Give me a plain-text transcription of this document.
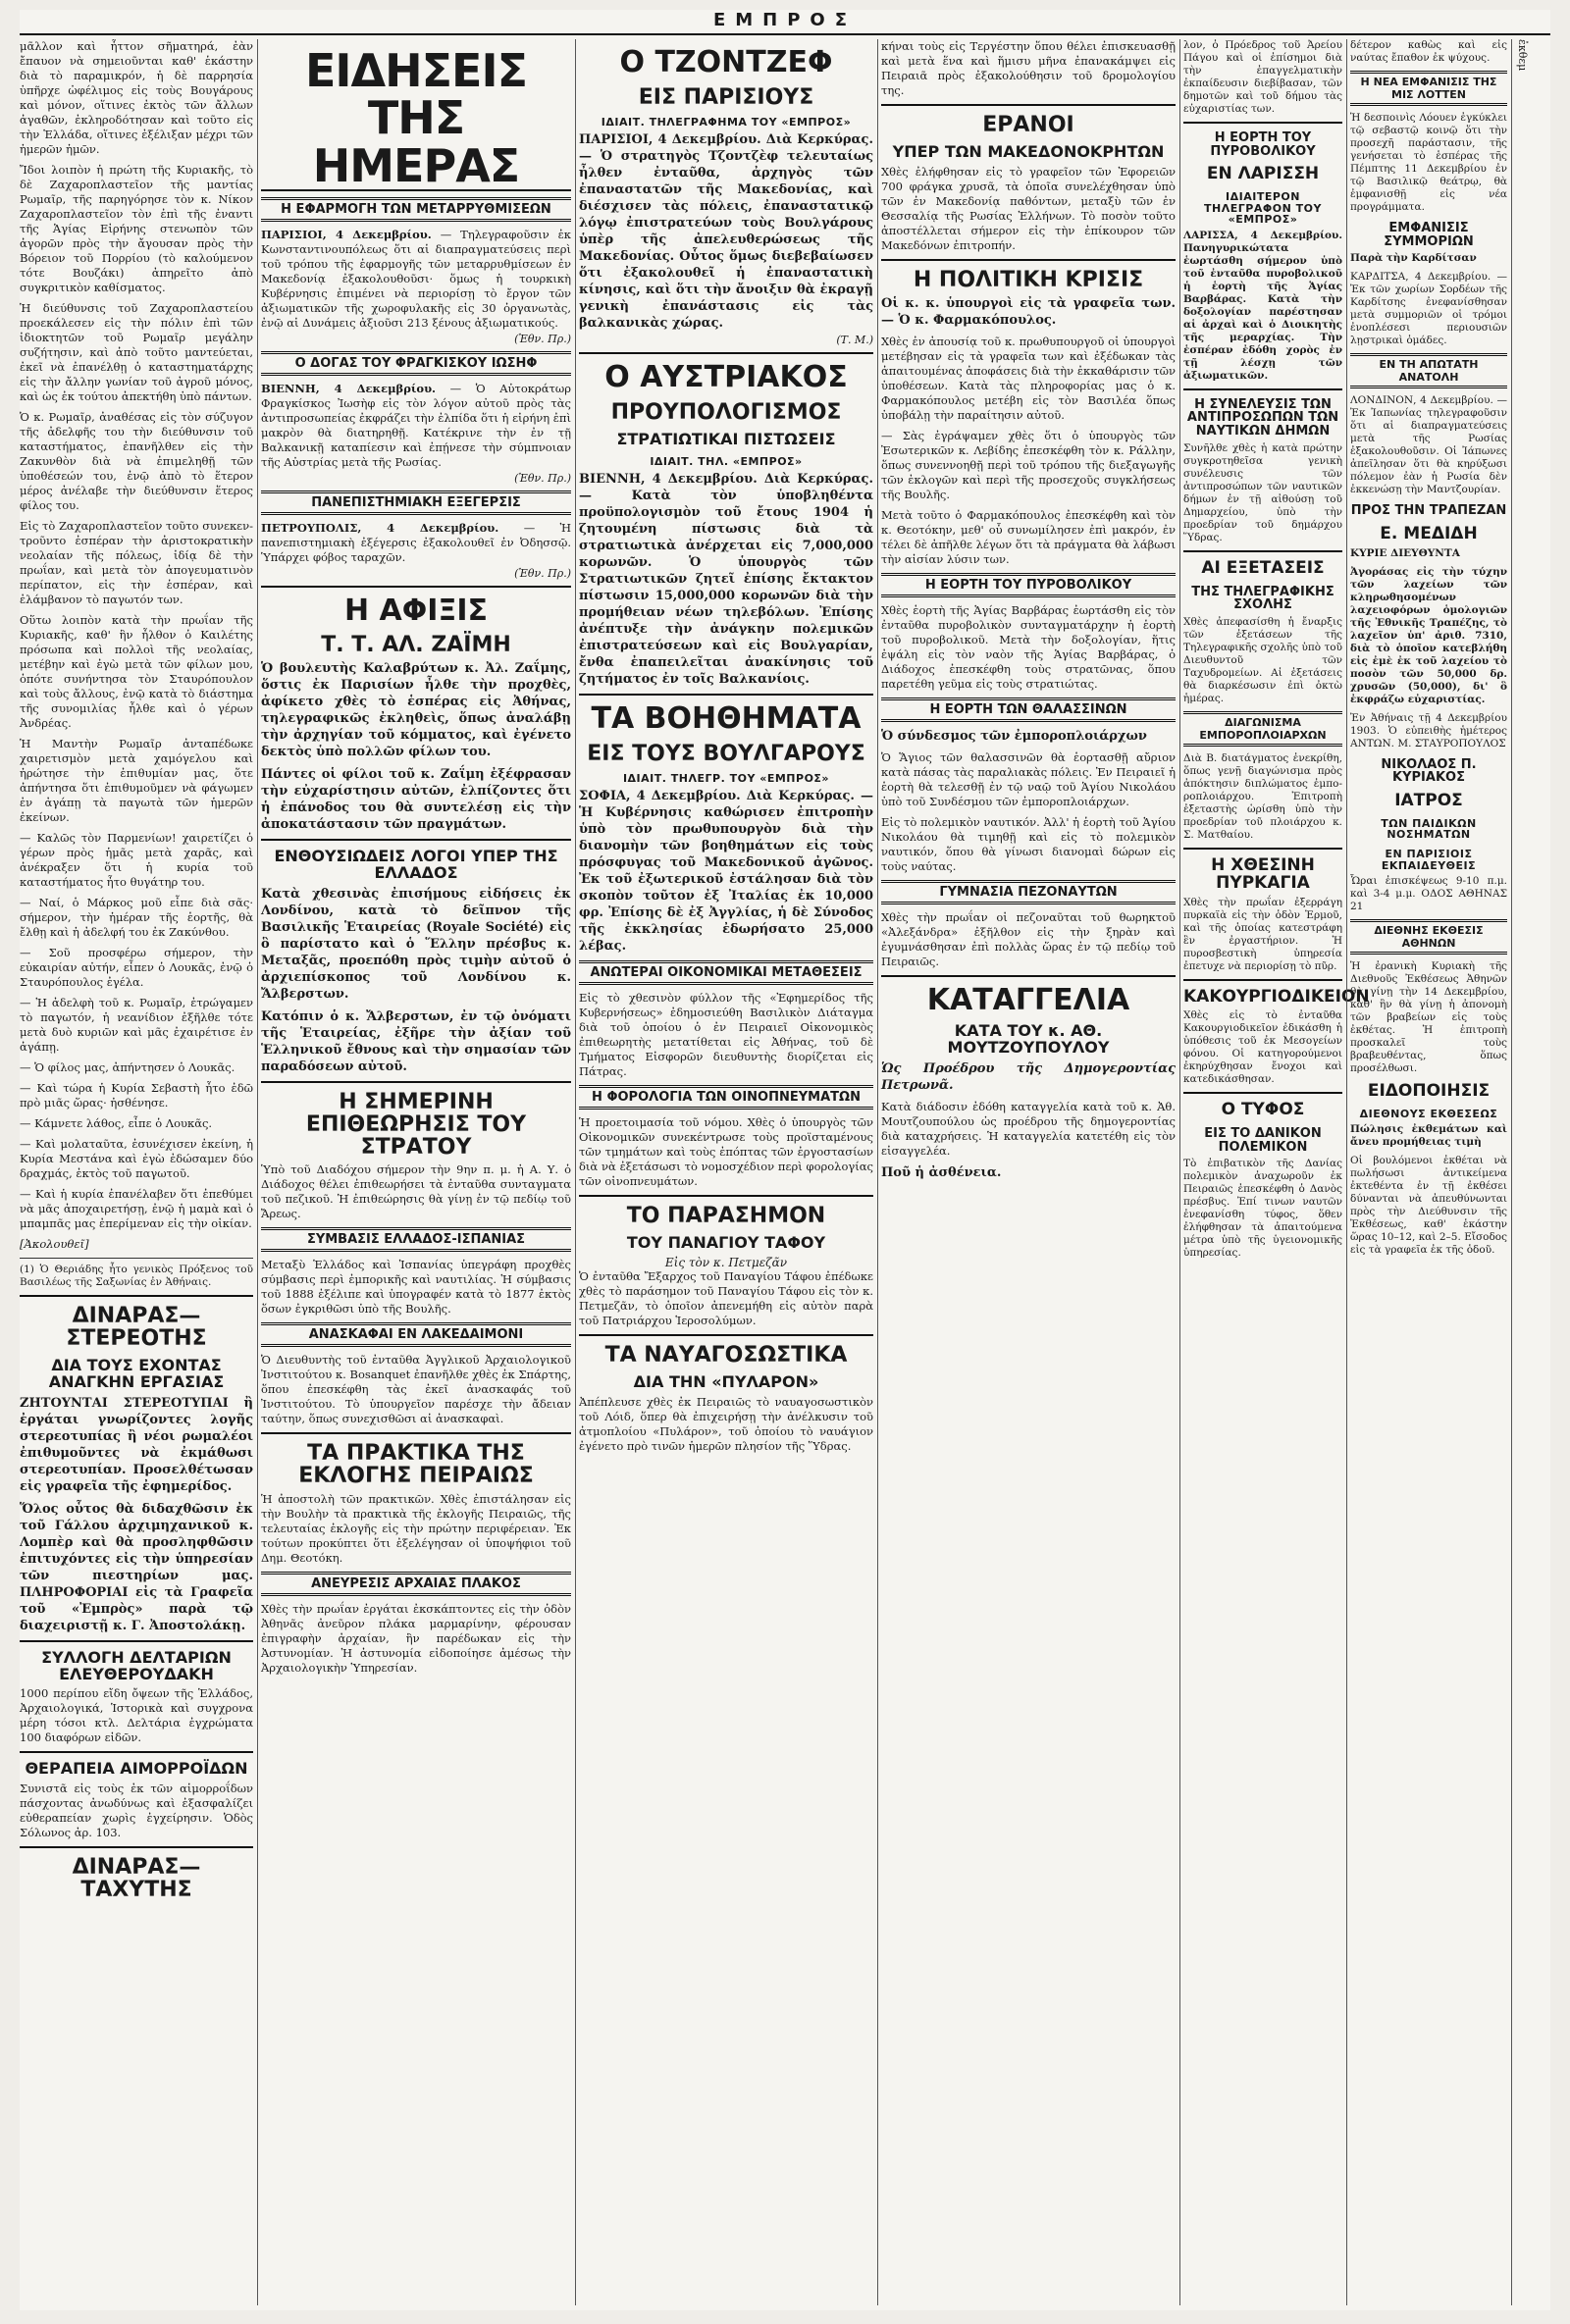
ΕΜΠΡΟΣ

μᾶλλον καὶ ἧττον σῆματηρά, ἐὰν ἔπαυον νὰ σημειοῦνται καθ' ἑκάστην διὰ τὸ παραμικρόν, ἡ δὲ παρρησία ὑπῆρχε ὠφέλιμος εἰς τοὺς Βουγάρους καὶ μόνον, οἵτινες ἐκτὸς τῶν ἄλλων ἀγαθῶν, ἐκληροδότησαν καὶ τοῦτο εἰς τὴν Ἑλλάδα, οἵτινες ἐξέλιξαν μέχρι τῶν ἡμερῶν ἡμῶν.

Ἴδοι λοιπὸν ἡ πρώτη τῆς Κυριακῆς, τὸ δὲ Ζαχαροπλαστεῖον τῆς μαντίας Ρωμαῖρ, τῆς παρηγόρησε τὸν κ. Νίκον Ζαχαροπλαστεῖον τὸν ἐπὶ τῆς ἐναντι τῆς Ἁγίας Εἰρήνης στενωπὸν τῶν ἀγορῶν πρὸς τὴν ἄγουσαν πρὸς τὴν Βόρειον τοῦ Πορρίου (τὸ καλούμενον τότε Βουζάκι) ἀπηρεῖτο ἀπὸ συγκριτικὸν καθίσματος.

Ἡ διεύθυνσις τοῦ Ζαχαροπλαστείου προεκάλεσεν εἰς τὴν πόλιν ἐπὶ τῶν ἰδιοκτητῶν τοῦ Ρωμαῖρ μεγάλην συζήτησιν, καὶ ἀπὸ τοῦτο μαντεύεται, ἐκεῖ νὰ ἐπανέλθῃ ὁ καταστηματάρχης εἰς τὴν ἄλλην γωνίαν τοῦ ἀγροῦ μόνος, καὶ ὡς ἐκ τούτου ἀπεκτήθη ὑπὸ πάντων.

Ὁ κ. Ρωμαῖρ, ἀναθέσας εἰς τὸν σύζυγον τῆς ἀδελφῆς του τὴν διεύθυνσιν τοῦ καταστήματος, ἐπανῆλθεν εἰς τὴν Ζακυνθὸν διὰ νὰ ἐπιμεληθῇ τῶν ὑποθέσεών του, ἐνῷ ἀπὸ τὸ ἕτερον μέρος ἀνέλαβε τὴν διεύθυνσιν ἕτερος φίλος του.

Εἰς τὸ Ζαχαροπλαστεῖον τοῦτο συνεκεντροῦντο ἐσπέραν τὴν ἀριστοκρατικὴν νεολαίαν τῆς πόλεως, ἰδίᾳ δὲ τὴν πρωΐαν, καὶ μετὰ τὸν ἀπογευματινὸν περίπατον, εἰς τὴν ἑσπέραν, καὶ ἐλάμβανον τὸ παγωτόν των.

Οὕτω λοιπὸν κατὰ τὴν πρωΐαν τῆς Κυριακῆς, καθ' ἣν ἦλθον ὁ Καιλέτης πρόσωπα καὶ πολλοὶ τῆς νεολαίας, μετέβην καὶ ἐγὼ μετὰ τῶν φίλων μου, ὁπότε συνήντησα τὸν Σταυρόπουλον καὶ τοὺς ἄλλους, ἐνῷ κατὰ τὸ διάστημα τῆς συνομιλίας ἦλθε καὶ ὁ γέρων Ἀνδρέας.

Ἡ Μαντὴν Ρωμαῖρ ἀνταπέδωκε χαιρετισμὸν μετὰ χαμόγελου καὶ ἠρώτησε τὴν ἐπιθυμίαν μας, ὅτε ἀπήντησα ὅτι ἐπιθυμοῦμεν νὰ φάγωμεν ἐν ἀγάπῃ τὰ παγωτὰ τῶν ἡμερῶν ἐκείνων.

— Καλῶς τὸν Παρμενίων! χαιρετίζει ὁ γέρων πρὸς ἡμᾶς μετὰ χαρᾶς, καὶ ἀνέκραξεν ὅτι ἡ κυρία τοῦ καταστήματος ἦτο θυγάτηρ του.

— Ναί, ὁ Μάρκος μοῦ εἶπε διὰ σᾶς· σήμερον, τὴν ἡμέραν τῆς ἑορτῆς, θὰ ἔλθῃ καὶ ἡ ἀδελφή του ἐκ Ζακύνθου.

— Σοῦ προσφέρω σήμερον, τὴν εὐκαιρίαν αὐτήν, εἶπεν ὁ Λουκᾶς, ἐνῷ ὁ Σταυρόπουλος ἐγέλα.

— Ἡ ἀδελφὴ τοῦ κ. Ρωμαῖρ, ἐτρώγαμεν τὸ παγωτόν, ἡ νεανίδιον ἐξῆλθε τότε μετὰ δυὸ κυριῶν καὶ μᾶς ἐχαιρέτισε ἐν ἀγάπῃ.

— Ὁ φίλος μας, ἀπήντησεν ὁ Λουκᾶς.

— Καὶ τώρα ἡ Κυρία Σεβαστὴ ἦτο ἐδῶ πρὸ μιᾶς ὥρας· ἠσθένησε.

— Κάμνετε λάθος, εἶπε ὁ Λουκᾶς.

— Καὶ μολαταῦτα, ἐσυνέχισεν ἐκείνη, ἡ Κυρία Μεστάνα καὶ ἐγὼ ἐδώσαμεν δύο δραχμάς, ἐκτὸς τοῦ παγωτοῦ.

— Καὶ ἡ κυρία ἐπανέλαβεν ὅτι ἐπεθύμει νὰ μᾶς ἀποχαιρετήσῃ, ἐνῷ ἡ μαμὰ καὶ ὁ μπαμπᾶς μας ἐπερίμεναν εἰς τὴν οἰκίαν.

[Ἀκολουθεῖ]

(1) Ὁ Θεριάδης ἦτο γενικὸς Πρόξενος τοῦ Βασιλέως τῆς Σαξωνίας ἐν Ἀθήναις.

ΔΙΝΑΡΑΣ—ΣΤΕΡΕΟΤΗΣ
ΔΙΑ ΤΟΥΣ ΕΧΟΝΤΑΣ ΑΝΑΓΚΗΝ ΕΡΓΑΣΙΑΣ

ΖΗΤΟΥΝΤΑΙ ΣΤΕΡΕΟΤΥΠΑΙ ἢ ἐργάται γνωρίζοντες λογῆς στερεοτυπίας ἢ νέοι ρωμαλέοι ἐπιθυμοῦντες νὰ ἐκμάθωσι στερεοτυπίαν. Προσελθέτωσαν εἰς γραφεῖα τῆς ἐφημερίδος.

Ὅλος οὗτος θὰ διδαχθῶσιν ἐκ τοῦ Γάλλου ἀρχιμηχανικοῦ κ. Λομπὲρ καὶ θὰ προσληφθῶσιν ἐπιτυχόντες εἰς τὴν ὑπηρεσίαν τῶν πιεστηρίων μας. ΠΛΗΡΟΦΟΡΙΑΙ εἰς τὰ Γραφεῖα τοῦ «Ἐμπρὸς» παρὰ τῷ διαχειριστῇ κ. Γ. Ἀποστολάκῃ.

ΣΥΛΛΟΓΗ ΔΕΛΤΑΡΙΩΝ ΕΛΕΥΘΕΡΟΥΔΑΚΗ

1000 περίπου εἴδη ὄψεων τῆς Ἑλλάδος, Ἀρχαιολογικά, Ἱστορικὰ καὶ συγχρονα μέρη τόσοι κτλ. Δελτάρια ἐγχρώματα 100 διαφόρων εἰδῶν.

ΘΕΡΑΠΕΙΑ ΑΙΜΟΡΡΟΪΔΩΝ

Συνιστᾶ εἰς τοὺς ἐκ τῶν αἱμορροΐδων πάσχοντας ἀνωδύνως καὶ ἐξασφαλίζει εὐθεραπείαν χωρὶς ἐγχείρησιν. Ὁδὸς Σόλωνος ἀρ. 103.

ΔΙΝΑΡΑΣ—ΤΑΧΥΤΗΣ
ΕΙΔΗΣΕΙΣ ΤΗΣ ΗΜΕΡΑΣ
Η ΕΦΑΡΜΟΓΗ ΤΩΝ ΜΕΤΑΡΡΥΘΜΙΣΕΩΝ

ΠΑΡΙΣΙΟΙ, 4 Δεκεμβρίου. — Τηλεγραφοῦσιν ἐκ Κωνσταντινουπόλεως ὅτι αἱ διαπραγματεύσεις περὶ τοῦ τρόπου τῆς ἐφαρμογῆς τῶν μεταρρυθμίσεων ἐν Μακεδονίᾳ ἐξακολουθοῦσι· ὅμως ἡ τουρκικὴ Κυβέρνησις ἐπιμένει νὰ περιορίσῃ τὸ ἔργον τῶν ἀξιωματικῶν τῆς χωροφυλακῆς εἰς 30 ὀργανωτὰς, ἐνῷ αἱ Δυνάμεις ἀξιοῦσι 213 ξένους ἀξιωματικούς.

(Ἐθν. Πρ.)
Ο ΔΟΓΑΣ ΤΟΥ ΦΡΑΓΚΙΣΚΟΥ ΙΩΣΗΦ

ΒΙΕΝΝΗ, 4 Δεκεμβρίου. — Ὁ Αὐτοκράτωρ Φραγκίσκος Ἰωσὴφ εἰς τὸν λόγον αὐτοῦ πρὸς τὰς ἀντιπροσωπείας ἐκφράζει τὴν ἐλπίδα ὅτι ἡ εἰρήνη ἐπὶ μακρὸν θὰ διατηρηθῇ. Κατέκρινε τὴν ἐν τῇ Βαλκανικῇ καταπίεσιν καὶ ἐπῄνεσε τὴν σύμπνοιαν τῆς Αὐστρίας μετὰ τῆς Ρωσίας.

(Ἐθν. Πρ.)
ΠΑΝΕΠΙΣΤΗΜΙΑΚΗ ΕΞΕΓΕΡΣΙΣ

ΠΕΤΡΟΥΠΟΛΙΣ, 4 Δεκεμβρίου. — Ἡ πανεπιστημιακὴ ἐξέγερσις ἐξακολουθεῖ ἐν Ὀδησσῷ. Ὑπάρχει φόβος ταραχῶν.

(Ἐθν. Πρ.)
Η ΑΦΙΞΙΣ
Τ. Τ. ΑΛ. ΖΑΪΜΗ

Ὁ βουλευτὴς Καλαβρύτων κ. Ἀλ. Ζαΐμης, ὅστις ἐκ Παρισίων ἦλθε τὴν προχθὲς, ἀφίκετο χθὲς τὸ ἑσπέρας εἰς Ἀθήνας, τηλεγραφικῶς ἐκληθεὶς, ὅπως ἀναλάβῃ τὴν ἀρχηγίαν τοῦ κόμματος, καὶ ἐγένετο δεκτὸς ὑπὸ πολλῶν φίλων του.

Πάντες οἱ φίλοι τοῦ κ. Ζαΐμη ἐξέφρασαν τὴν εὐχαρίστησιν αὐτῶν, ἐλπίζοντες ὅτι ἡ ἐπάνοδος του θὰ συντελέσῃ εἰς τὴν ἀποκατάστασιν τῶν πραγμάτων.

ΕΝΘΟΥΣΙΩΔΕΙΣ ΛΟΓΟΙ ΥΠΕΡ ΤΗΣ ΕΛΛΑΔΟΣ

Κατὰ χθεσινὰς ἐπισήμους εἰδήσεις ἐκ Λονδίνου, κατὰ τὸ δεῖπνον τῆς Βασιλικῆς Ἑταιρείας (Royale Société) εἰς ὃ παρίστατο καὶ ὁ Ἕλλην πρέσβυς κ. Μεταξᾶς, προεπόθη πρὸς τιμὴν αὐτοῦ ὁ ἀρχιεπίσκοπος τοῦ Λονδίνου κ. Ἄλβερστων.

Κατόπιν ὁ κ. Ἄλβερστων, ἐν τῷ ὀνόματι τῆς Ἑταιρείας, ἐξῆρε τὴν ἀξίαν τοῦ Ἑλληνικοῦ ἔθνους καὶ τὴν σημασίαν τῶν παραδόσεων αὐτοῦ.

Η ΣΗΜΕΡΙΝΗ ΕΠΙΘΕΩΡΗΣΙΣ ΤΟΥ ΣΤΡΑΤΟΥ

Ὑπὸ τοῦ Διαδόχου σήμερον τὴν 9ην π. μ. ἡ Α. Υ. ὁ Διάδοχος θέλει ἐπιθεωρήσει τὰ ἐνταῦθα συνταγματα τοῦ πεζικοῦ. Ἡ ἐπιθεώρησις θὰ γίνῃ ἐν τῷ πεδίῳ τοῦ Ἄρεως.

ΣΥΜΒΑΣΙΣ ΕΛΛΑΔΟΣ-ΙΣΠΑΝΙΑΣ

Μεταξὺ Ἑλλάδος καὶ Ἱσπανίας ὑπεγράφη προχθὲς σύμβασις περὶ ἐμπορικῆς καὶ ναυτιλίας. Ἡ σύμβασις τοῦ 1888 ἐξέλιπε καὶ ὑπογραφέν κατὰ τὸ 1877 ἐκτὸς ὅσων ἐγκριθῶσι ὑπὸ τῆς Βουλῆς.

ΑΝΑΣΚΑΦΑΙ ΕΝ ΛΑΚΕΔΑΙΜΟΝΙ

Ὁ Διευθυντὴς τοῦ ἐνταῦθα Ἀγγλικοῦ Ἀρχαιολογικοῦ Ἰνστιτούτου κ. Bosanquet ἐπανῆλθε χθὲς ἐκ Σπάρτης, ὅπου ἐπεσκέφθη τὰς ἐκεῖ ἀνασκαφάς τοῦ Ἰνστιτούτου. Τὸ ὑπουργεῖον παρέσχε τὴν ἄδειαν ταύτην, ὅπως συνεχισθῶσι αἱ ἀνασκαφαὶ.

ΤΑ ΠΡΑΚΤΙΚΑ ΤΗΣ ΕΚΛΟΓΗΣ ΠΕΙΡΑΙΩΣ

Ἡ ἀποστολὴ τῶν πρακτικῶν. Χθὲς ἐπιστάλησαν εἰς τὴν Βουλὴν τὰ πρακτικὰ τῆς ἐκλογῆς Πειραιῶς, τῆς τελευταίας ἐκλογῆς εἰς τὴν πρώτην περιφέρειαν. Ἐκ τούτων προκύπτει ὅτι ἐξελέγησαν οἱ ὑποψήφιοι τοῦ Δημ. Θεοτόκη.

ΑΝΕΥΡΕΣΙΣ ΑΡΧΑΙΑΣ ΠΛΑΚΟΣ

Χθὲς τὴν πρωΐαν ἐργάται ἐκσκάπτοντες εἰς τὴν ὁδὸν Ἀθηνᾶς ἀνεῦρον πλάκα μαρμαρίνην, φέρουσαν ἐπιγραφὴν ἀρχαίαν, ἣν παρέδωκαν εἰς τὴν Ἀστυνομίαν. Ἡ ἀστυνομία εἰδοποίησε ἀμέσως τὴν Ἀρχαιολογικὴν Ὑπηρεσίαν.

Ο ΤΖΟΝΤΖΕΦ
ΕΙΣ ΠΑΡΙΣΙΟΥΣ
ΙΔΙΑΙΤ. ΤΗΛΕΓΡΑΦΗΜΑ ΤΟΥ «ΕΜΠΡΟΣ»

ΠΑΡΙΣΙΟΙ, 4 Δεκεμβρίου. Διὰ Κερκύρας. — Ὁ στρατηγὸς Τζοντζὲφ τελευταίως ἦλθεν ἐνταῦθα, ἀρχηγὸς τῶν ἐπαναστατῶν τῆς Μακεδονίας, καὶ διέσχισεν τὰς πόλεις, ἐπαναστατικῷ λόγῳ ἐπιστρατεύων τοὺς Βουλγάρους ὑπὲρ τῆς ἀπελευθερώσεως τῆς Μακεδονίας. Οὗτος ὅμως διεβεβαίωσεν ὅτι ἐξακολουθεῖ ἡ ἐπαναστατικὴ κίνησις, καὶ ὅτι τὴν ἄνοιξιν θὰ ἐκραγῇ γενικὴ ἐπανάστασις εἰς τὰς βαλκανικὰς χώρας.

(Τ. Μ.)
Ο ΑΥΣΤΡΙΑΚΟΣ
ΠΡΟΥΠΟΛΟΓΙΣΜΟΣ
ΣΤΡΑΤΙΩΤΙΚΑΙ ΠΙΣΤΩΣΕΙΣ
ΙΔΙΑΙΤ. ΤΗΛ. «ΕΜΠΡΟΣ»

ΒΙΕΝΝΗ, 4 Δεκεμβρίου. Διὰ Κερκύρας. — Κατὰ τὸν ὑποβληθέντα προϋπολογισμὸν τοῦ ἔτους 1904 ἡ ζητουμένη πίστωσις διὰ τὰ στρατιωτικὰ ἀνέρχεται εἰς 7,000,000 κορωνῶν. Ὁ ὑπουργὸς τῶν Στρατιωτικῶν ζητεῖ ἐπίσης ἔκτακτον πίστωσιν 15,000,000 κορωνῶν διὰ τὴν προμήθειαν νέων τηλεβόλων. Ἐπίσης ἀνέπτυξε τὴν ἀνάγκην πολεμικῶν ἐπιστρατεύσεων καὶ εἰς Βουλγαρίαν, ἔνθα ἐπαπειλεῖται ἀνακίνησις τοῦ ζητήματος ἐν τοῖς Βαλκανίοις.

ΤΑ ΒΟΗΘΗΜΑΤΑ
ΕΙΣ ΤΟΥΣ ΒΟΥΛΓΑΡΟΥΣ
ΙΔΙΑΙΤ. ΤΗΛΕΓΡ. ΤΟΥ «ΕΜΠΡΟΣ»

ΣΟΦΙΑ, 4 Δεκεμβρίου. Διὰ Κερκύρας. — Ἡ Κυβέρνησις καθώρισεν ἐπιτροπὴν ὑπὸ τὸν πρωθυπουργὸν διὰ τὴν διανομὴν τῶν βοηθημάτων εἰς τοὺς πρόσφυγας τοῦ Μακεδονικοῦ ἀγῶνος. Ἐκ τοῦ ἐξωτερικοῦ ἐστάλησαν διὰ τὸν σκοπὸν τοῦτον ἐξ Ἰταλίας ἐκ 10,000 φρ. Ἐπίσης δὲ ἐξ Ἀγγλίας, ἡ δὲ Σύνοδος τῆς ἐκκλησίας ἐδωρήσατο 25,000 λέβας.

ΑΝΩΤΕΡΑΙ ΟΙΚΟΝΟΜΙΚΑΙ ΜΕΤΑΘΕΣΕΙΣ

Εἰς τὸ χθεσινὸν φύλλον τῆς «Ἐφημερίδος τῆς Κυβερνήσεως» ἐδημοσιεύθη Βασιλικὸν Διάταγμα διὰ τοῦ ὁποίου ὁ ἐν Πειραιεῖ Οἰκονομικὸς ἐπιθεωρητὴς μετατίθεται εἰς Ἀθήνας, τοῦ δὲ Τμήματος Εἰσφορῶν διευθυντὴς διορίζεται εἰς Πάτρας.

Η ΦΟΡΟΛΟΓΙΑ ΤΩΝ ΟΙΝΟΠΝΕΥΜΑΤΩΝ

Ἡ προετοιμασία τοῦ νόμου. Χθὲς ὁ ὑπουργὸς τῶν Οἰκονομικῶν συνεκέντρωσε τοὺς προϊσταμένους τῶν τμημάτων καὶ τοὺς ἐπόπτας τῶν ἐργοστασίων διὰ νὰ ἐξετάσωσι τὸ νομοσχέδιον περὶ φορολογίας τῶν οἰνοπνευμάτων.

ΤΟ ΠΑΡΑΣΗΜΟΝ
ΤΟΥ ΠΑΝΑΓΙΟΥ ΤΑΦΟΥ
Εἰς τὸν κ. Πετμεζᾶν

Ὁ ἐνταῦθα Ἔξαρχος τοῦ Παναγίου Τάφου ἐπέδωκε χθὲς τὸ παράσημον τοῦ Παναγίου Τάφου εἰς τὸν κ. Πετμεζᾶν, τὸ ὁποῖον ἀπενεμήθη εἰς αὐτὸν παρὰ τοῦ Πατριάρχου Ἱεροσολύμων.

ΤΑ ΝΑΥΑΓΟΣΩΣΤΙΚΑ
ΔΙΑ ΤΗΝ «ΠΥΛΑΡΟΝ»

Ἀπέπλευσε χθὲς ἐκ Πειραιῶς τὸ ναυαγοσωστικὸν τοῦ Λόιδ, ὅπερ θὰ ἐπιχειρήσῃ τὴν ἀνέλκυσιν τοῦ ἀτμοπλοίου «Πυλάρον», τοῦ ὁποίου τὸ ναυάγιον ἐγένετο πρὸ τινῶν ἡμερῶν πλησίον τῆς Ὕδρας.

κήναι τοὺς εἰς Τεργέστην ὅπου θέλει ἐπισκευασθῇ καὶ μετὰ ἕνα καὶ ἥμισυ μῆνα ἐπανακάμψει εἰς Πειραιᾶ πρὸς ἐξακολούθησιν τοῦ δρομολογίου της.

ΕΡΑΝΟΙ
ΥΠΕΡ ΤΩΝ ΜΑΚΕΔΟΝΟΚΡΗΤΩΝ

Χθὲς ἐλήφθησαν εἰς τὸ γραφεῖον τῶν Ἐφορειῶν 700 φράγκα χρυσᾶ, τὰ ὁποῖα συνελέχθησαν ὑπὸ τῶν ἐν Μακεδονίᾳ παθόντων, μεταξὺ τῶν ἐν Θεσσαλίᾳ τῆς Ρωσίας Ἑλλήνων. Τὸ ποσὸν τοῦτο ἀποστέλλεται σήμερον εἰς τὴν ἐπίκουρον τῶν Μακεδόνων ἐπιτροπήν.

Η ΠΟΛΙΤΙΚΗ ΚΡΙΣΙΣ

Οἱ κ. κ. ὑπουργοὶ εἰς τὰ γραφεῖα των. — Ὁ κ. Φαρμακόπουλος.

Χθὲς ἐν ἀπουσίᾳ τοῦ κ. πρωθυπουργοῦ οἱ ὑπουργοὶ μετέβησαν εἰς τὰ γραφεῖα των καὶ ἐξέδωκαν τὰς ἀπαιτουμένας ἀποφάσεις διὰ τὴν ἐκκαθάρισιν τῶν ὑποθέσεων. Κατὰ τὰς πληροφορίας μας ὁ κ. Φαρμακόπουλος μετέβη εἰς τὸν Βασιλέα ὅπως ὑποβάλῃ τὴν παραίτησιν αὐτοῦ.

— Σὰς ἐγράψαμεν χθὲς ὅτι ὁ ὑπουργὸς τῶν Ἐσωτερικῶν κ. Λεβίδης ἐπεσκέφθη τὸν κ. Ράλλην, ὅπως συνεννοηθῇ περὶ τοῦ τρόπου τῆς διεξαγωγῆς τῶν ἐκλογῶν καὶ περὶ τῆς προσεχοῦς συγκλήσεως τῆς Βουλῆς.

Μετὰ τοῦτο ὁ Φαρμακόπουλος ἐπεσκέφθη καὶ τὸν κ. Θεοτόκην, μεθ' οὗ συνωμίλησεν ἐπὶ μακρόν, ἐν τέλει δὲ ἀπῆλθε λέγων ὅτι τὰ πράγματα θὰ λάβωσι τὴν αἰσίαν λύσιν των.

Η ΕΟΡΤΗ ΤΟΥ ΠΥΡΟΒΟΛΙΚΟΥ

Χθὲς ἑορτὴ τῆς Ἁγίας Βαρβάρας ἐωρτάσθη εἰς τὸν ἐνταῦθα πυροβολικὸν συνταγματάρχην ἡ ἑορτὴ τοῦ πυροβολικοῦ. Μετὰ τὴν δοξολογίαν, ἥτις ἐψάλη εἰς τὸν ναὸν τῆς Ἁγίας Βαρβάρας, ὁ Διάδοχος ἐπεσκέφθη τοὺς στρατῶνας, ὅπου παρετέθη γεῦμα εἰς τοὺς στρατιώτας.

Η ΕΟΡΤΗ ΤΩΝ ΘΑΛΑΣΣΙΝΩΝ

Ὁ σύνδεσμος τῶν ἐμποροπλοιάρχων

Ὁ Ἅγιος τῶν θαλασσινῶν θὰ ἑορτασθῇ αὔριον κατὰ πάσας τὰς παραλιακὰς πόλεις. Ἐν Πειραιεῖ ἡ ἑορτὴ θὰ τελεσθῇ ἐν τῷ ναῷ τοῦ Ἁγίου Νικολάου ὑπὸ τοῦ Συνδέσμου τῶν ἐμποροπλοιάρχων.

Εἰς τὸ πολεμικὸν ναυτικόν. Ἀλλ' ἡ ἑορτὴ τοῦ Ἁγίου Νικολάου θὰ τιμηθῇ καὶ εἰς τὸ πολεμικὸν ναυτικόν, ὅπου θὰ γίνωσι διανομαὶ δώρων εἰς τοὺς ναύτας.

ΓΥΜΝΑΣΙΑ ΠΕΖΟΝΑΥΤΩΝ

Χθὲς τὴν πρωΐαν οἱ πεζοναῦται τοῦ θωρηκτοῦ «Ἀλεξάνδρα» ἐξῆλθον εἰς τὴν ξηρὰν καὶ ἐγυμνάσθησαν ἐπὶ πολλὰς ὥρας ἐν τῷ πεδίῳ τοῦ Πειραιῶς.

ΚΑΤΑΓΓΕΛΙΑ
ΚΑΤΑ ΤΟΥ κ. ΑΘ. ΜΟΥΤΖΟΥΠΟΥΛΟΥ

Ὡς Προέδρου τῆς Δημογεροντίας Πετρωνᾶ.

Κατὰ διάδοσιν ἐδόθη καταγγελία κατὰ τοῦ κ. Ἀθ. Μουτζουπούλου ὡς προέδρου τῆς δημογεροντίας διὰ καταχρήσεις. Ἡ καταγγελία κατετέθη εἰς τὸν εἰσαγγελέα.

Ποῦ ἡ ἀσθένεια.

λον, ὁ Πρόεδρος τοῦ Ἀρείου Πάγου καὶ οἱ ἐπίσημοι διὰ τὴν ἐπαγγελματικὴν ἐκπαίδευσιν διεβίβασαν, τῶν δημοτῶν καὶ τοῦ δήμου τὰς εὐχαριστίας των.

Η ΕΟΡΤΗ ΤΟΥ ΠΥΡΟΒΟΛΙΚΟΥ
ΕΝ ΛΑΡΙΣΣΗ
ΙΔΙΑΙΤΕΡΟΝ ΤΗΛΕΓΡΑΦΟΝ ΤΟΥ «ΕΜΠΡΟΣ»

ΛΑΡΙΣΣΑ, 4 Δεκεμβρίου. Πανηγυρικώτατα ἑωρτάσθη σήμερον ὑπὸ τοῦ ἐνταῦθα πυροβολικοῦ ἡ ἑορτὴ τῆς Ἁγίας Βαρβάρας. Κατὰ τὴν δοξολογίαν παρέστησαν αἱ ἀρχαὶ καὶ ὁ Διοικητὴς τῆς μεραρχίας. Τὴν ἑσπέραν ἐδόθη χορὸς ἐν τῇ λέσχῃ τῶν ἀξιωματικῶν.

Η ΣΥΝΕΛΕΥΣΙΣ ΤΩΝ ΑΝΤΙΠΡΟΣΩΠΩΝ ΤΩΝ ΝΑΥΤΙΚΩΝ ΔΗΜΩΝ

Συνῆλθε χθὲς ἡ κατὰ πρώτην συγκροτηθεῖσα γενικὴ συνέλευσις τῶν ἀντιπροσώπων τῶν ναυτικῶν δήμων ἐν τῇ αἰθούσῃ τοῦ Δημαρχείου, ὑπὸ τὴν προεδρίαν τοῦ δημάρχου Ὕδρας.

ΑΙ ΕΞΕΤΑΣΕΙΣ
ΤΗΣ ΤΗΛΕΓΡΑΦΙΚΗΣ ΣΧΟΛΗΣ

Χθὲς ἀπεφασίσθη ἡ ἔναρξις τῶν ἐξετάσεων τῆς Τηλεγραφικῆς σχολῆς ὑπὸ τοῦ Διευθυντοῦ τῶν Ταχυδρομείων. Αἱ ἐξετάσεις θὰ διαρκέσωσιν ἐπὶ ὀκτὼ ἡμέρας.

ΔΙΑΓΩΝΙΣΜΑ ΕΜΠΟΡΟΠΛΟΙΑΡΧΩΝ

Διὰ Β. διατάγματος ἐνεκρίθη, ὅπως γενῇ διαγώνισμα πρὸς ἀπόκτησιν διπλώματος ἐμποροπλοιάρχου. Ἐπιτροπὴ ἐξεταστὴς ὡρίσθη ὑπὸ τὴν προεδρίαν τοῦ πλοιάρχου κ. Σ. Ματθαίου.

Η ΧΘΕΣΙΝΗ ΠΥΡΚΑΓΙΑ

Χθὲς τὴν πρωΐαν ἐξερράγη πυρκαϊὰ εἰς τὴν ὁδὸν Ἑρμοῦ, καὶ τῆς ὁποίας κατεστράφη ἓν ἐργαστήριον. Ἡ πυροσβεστικὴ ὑπηρεσία ἐπετυχε νὰ περιορίσῃ τὸ πῦρ.

ΚΑΚΟΥΡΓΙΟΔΙΚΕΙΟΝ

Χθὲς εἰς τὸ ἐνταῦθα Κακουργιοδικεῖον ἐδικάσθη ἡ ὑπόθεσις τοῦ ἐκ Μεσογείων φόνου. Οἱ κατηγορούμενοι ἐκηρύχθησαν ἔνοχοι καὶ κατεδικάσθησαν.

Ο ΤΥΦΟΣ
ΕΙΣ ΤΟ ΔΑΝΙΚΟΝ ΠΟΛΕΜΙΚΟΝ

Τὸ ἐπιβατικὸν τῆς Δανίας πολεμικὸν ἀναχωροῦν ἐκ Πειραιῶς ἐπεσκέφθη ὁ Δανὸς πρέσβυς. Ἐπί τινων ναυτῶν ἐνεφανίσθη τύφος, ὅθεν ἐλήφθησαν τὰ ἀπαιτούμενα μέτρα ὑπὸ τῆς ὑγειονομικῆς ὑπηρεσίας.

ἐκθεμ

δέτερον καθὼς καὶ εἰς ναύτας ἔπαθον ἐκ ψύχους.

Η ΝΕΑ ΕΜΦΑΝΙΣΙΣ ΤΗΣ ΜΙΣ ΛΟΤΤΕΝ

Ἡ δεσποινὶς Λόουεν ἐγκύκλει τῷ σεβαστῷ κοινῷ ὅτι τὴν προσεχῆ παράστασιν, τῆς γενήσεται τὸ ἑσπέρας τῆς Πέμπτης 11 Δεκεμβρίου ἐν τῷ Βασιλικῷ θεάτρῳ, θὰ ἐμφανισθῇ εἰς νέα προγράμματα.

ΕΜΦΑΝΙΣΙΣ ΣΥΜΜΟΡΙΩΝ

Παρὰ τὴν Καρδίτσαν

ΚΑΡΔΙΤΣΑ, 4 Δεκεμβρίου. — Ἐκ τῶν χωρίων Σορδέων τῆς Καρδίτσης ἐνεφανίσθησαν μετὰ συμμοριῶν οἱ τρόμοι ἐνοπλέσεσι περιουσιῶν λῃστρικαὶ ὁμάδες.

ΕΝ ΤΗ ΑΠΩΤΑΤΗ ΑΝΑΤΟΛΗ

ΛΟΝΔΙΝΟΝ, 4 Δεκεμβρίου. — Ἐκ Ἰαπωνίας τηλεγραφοῦσιν ὅτι αἱ διαπραγματεύσεις μετὰ τῆς Ρωσίας ἐξακολουθοῦσιν. Οἱ Ἰάπωνες ἀπεῖλησαν ὅτι θὰ κηρύξωσι πόλεμον ἐὰν ἡ Ρωσία δὲν ἐκκενώσῃ τὴν Μαντζουρίαν.

ΠΡΟΣ ΤΗΝ ΤΡΑΠΕΖΑΝ
Ε. ΜΕΔΙΔΗ

ΚΥΡΙΕ ΔΙΕΥΘΥΝΤΑ

Ἀγοράσας εἰς τὴν τύχην τῶν λαχείων τῶν κληρωθησομένων λαχειοφόρων ὁμολογιῶν τῆς Ἐθνικῆς Τραπέζης, τὸ λαχεῖον ὑπ' ἀριθ. 7310, διὰ τὸ ὁποῖον κατεβλήθη εἰς ἐμὲ ἐκ τοῦ λαχείου τὸ ποσὸν τῶν 50,000 δρ. χρυσῶν (50,000), δι' ὃ ἐκφράζω εὐχαριστίας.

Ἐν Ἀθήναις τῇ 4 Δεκεμβρίου 1903. Ὁ εὐπειθὴς ἡμέτερος ΑΝΤΩΝ. Μ. ΣΤΑΥΡΟΠΟΥΛΟΣ

ΝΙΚΟΛΑΟΣ Π. ΚΥΡΙΑΚΟΣ
ΙΑΤΡΟΣ
ΤΩΝ ΠΑΙΔΙΚΩΝ ΝΟΣΗΜΑΤΩΝ
ΕΝ ΠΑΡΙΣΙΟΙΣ ΕΚΠΑΙΔΕΥΘΕΙΣ

Ὧραι ἐπισκέψεως 9-10 π.μ. καὶ 3-4 μ.μ. ΟΔΟΣ ΑΘΗΝΑΣ 21

ΔΙΕΘΝΗΣ ΕΚΘΕΣΙΣ ΑΘΗΝΩΝ

Ἡ ἐρανικὴ Κυριακὴ τῆς Διεθνοῦς Ἐκθέσεως Ἀθηνῶν θὰ γίνῃ τὴν 14 Δεκεμβρίου, καθ' ἣν θὰ γίνῃ ἡ ἀπονομὴ τῶν βραβείων εἰς τοὺς ἐκθέτας. Ἡ ἐπιτροπὴ προσκαλεῖ τοὺς βραβευθέντας, ὅπως προσέλθωσι.

ΕΙΔΟΠΟΙΗΣΙΣ
ΔΙΕΘΝΟΥΣ ΕΚΘΕΣΕΩΣ

Πώλησις ἐκθεμάτων καὶ ἄνευ προμήθειας τιμὴ

Οἱ βουλόμενοι ἐκθέται νὰ πωλήσωσι ἀντικείμενα ἐκτεθέντα ἐν τῇ ἐκθέσει δύνανται νὰ ἀπευθύνωνται πρὸς τὴν Διεύθυνσιν τῆς Ἐκθέσεως, καθ' ἑκάστην ὥρας 10–12, καὶ 2–5. Εἴσοδος εἰς τὰ γραφεῖα ἐκ τῆς ὁδοῦ.
